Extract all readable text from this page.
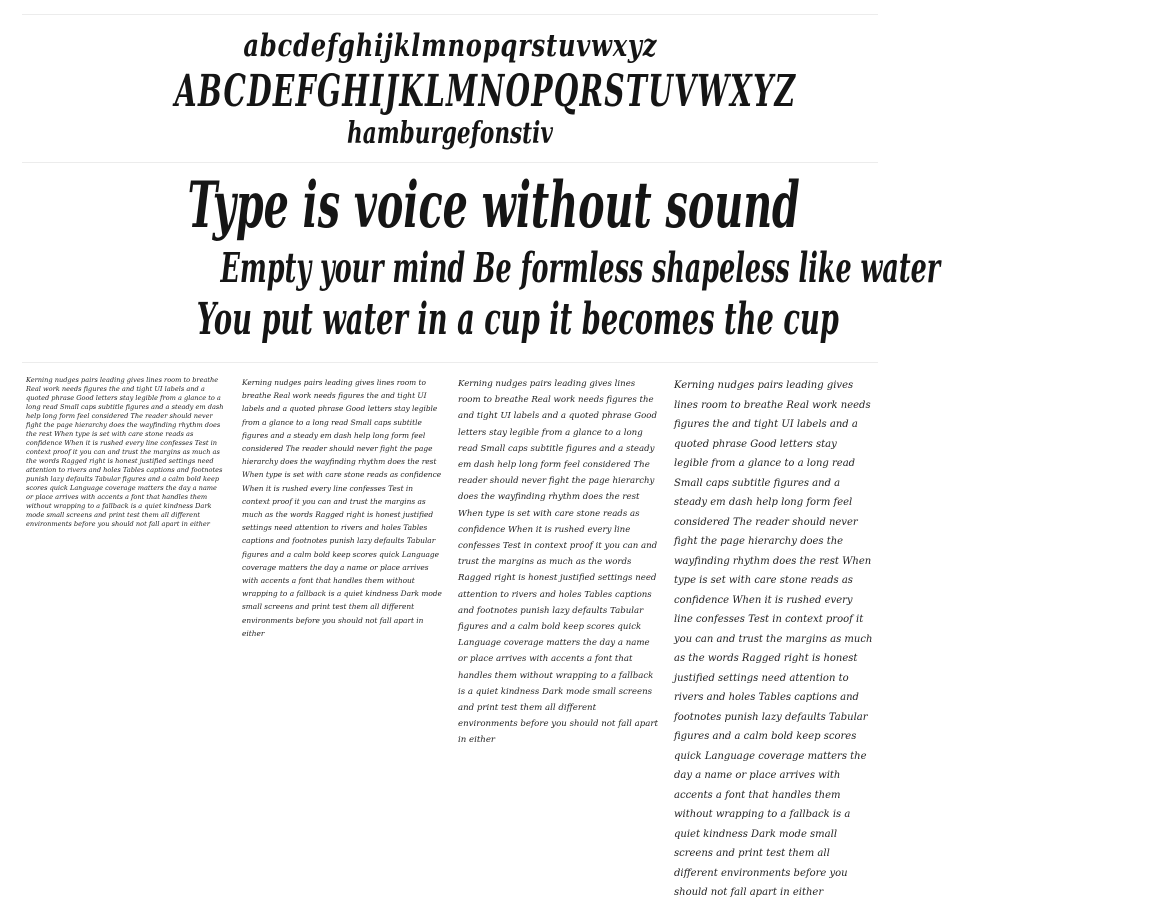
abcdefghijklmnopqrstuvwxyz
ABCDEFGHIJKLMNOPQRSTUVWXYZ
hamburgefonstiv
Type is voice without sound
Empty your mind Be formless shapeless like water
You put water in a cup it becomes the cup
Kerning nudges pairs leading gives lines room to breathe Real work needs figures the and tight UI labels and a quoted phrase Good letters stay legible from a glance to a long read Small caps subtitle figures and a steady em dash help long form feel considered The reader should never fight the page hierarchy does the wayfinding rhythm does the rest When type is set with care stone reads as confidence When it is rushed every line confesses Test in context proof it you can and trust the margins as much as the words Ragged right is honest justified settings need attention to rivers and holes Tables captions and footnotes punish lazy defaults Tabular figures and a calm bold keep scores quick Language coverage matters the day a name or place arrives with accents a font that handles them without wrapping to a fallback is a quiet kindness Dark mode small screens and print test them all different environments before you should not fall apart in either
Kerning nudges pairs leading gives lines room to breathe Real work needs figures the and tight UI labels and a quoted phrase Good letters stay legible from a glance to a long read Small caps subtitle figures and a steady em dash help long form feel considered The reader should never fight the page hierarchy does the wayfinding rhythm does the rest When type is set with care stone reads as confidence When it is rushed every line confesses Test in context proof it you can and trust the margins as much as the words Ragged right is honest justified settings need attention to rivers and holes Tables captions and footnotes punish lazy defaults Tabular figures and a calm bold keep scores quick Language coverage matters the day a name or place arrives with accents a font that handles them without wrapping to a fallback is a quiet kindness Dark mode small screens and print test them all different environments before you should not fall apart in either
Kerning nudges pairs leading gives lines room to breathe Real work needs figures the and tight UI labels and a quoted phrase Good letters stay legible from a glance to a long read Small caps subtitle figures and a steady em dash help long form feel considered The reader should never fight the page hierarchy does the wayfinding rhythm does the rest When type is set with care stone reads as confidence When it is rushed every line confesses Test in context proof it you can and trust the margins as much as the words Ragged right is honest justified settings need attention to rivers and holes Tables captions and footnotes punish lazy defaults Tabular figures and a calm bold keep scores quick Language coverage matters the day a name or place arrives with accents a font that handles them without wrapping to a fallback is a quiet kindness Dark mode small screens and print test them all different environments before you should not fall apart in either
Kerning nudges pairs leading gives lines room to breathe Real work needs figures the and tight UI labels and a quoted phrase Good letters stay legible from a glance to a long read Small caps subtitle figures and a steady em dash help long form feel considered The reader should never fight the page hierarchy does the wayfinding rhythm does the rest When type is set with care stone reads as confidence When it is rushed every line confesses Test in context proof it you can and trust the margins as much as the words Ragged right is honest justified settings need attention to rivers and holes Tables captions and footnotes punish lazy defaults Tabular figures and a calm bold keep scores quick Language coverage matters the day a name or place arrives with accents a font that handles them without wrapping to a fallback is a quiet kindness Dark mode small screens and print test them all different environments before you should not fall apart in either
